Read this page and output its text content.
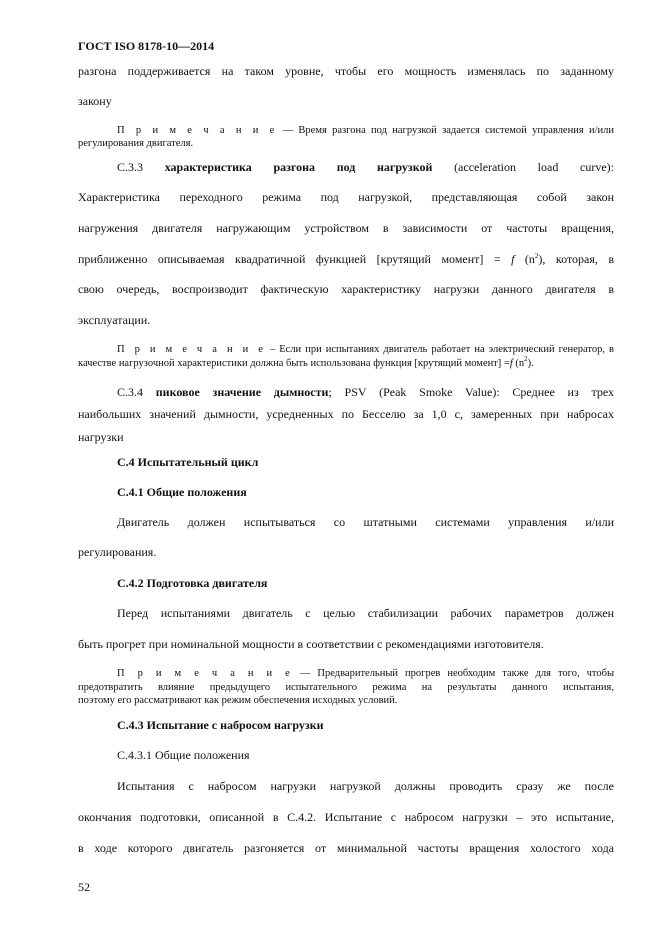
ГОСТ ISO 8178-10—2014
разгона поддерживается на таком уровне, чтобы его мощность изменялась по заданному
закону
П р и м е ч а н и е — Время разгона под нагрузкой задается системой управления и/или
регулирования двигателя.
С.3.3 характеристика разгона под нагрузкой (acceleration load curve):
Характеристика переходного режима под нагрузкой, представляющая собой закон
нагружения двигателя нагружающим устройством в зависимости от частоты вращения,
приближенно описываемая квадратичной функцией [крутящий момент] = f $(n^2)$, которая, в
свою очередь, воспроизводит фактическую характеристику нагрузки данного двигателя в
эксплуатации.
П р и м е ч а н и е – Если при испытаниях двигатель работает на электрический генератор, в
качестве нагрузочной характеристики должна быть использована функция [крутящий момент] =f $(n^2)$.
С.3.4 пиковое значение дымности; PSV (Peak Smoke Value): Среднее из трех
наибольших значений дымности, усредненных по Бесселю за 1,0 с, замеренных при набросах
нагрузки
С.4 Испытательный цикл
С.4.1 Общие положения
Двигатель должен испытываться со штатными системами управления и/или
регулирования.
С.4.2 Подготовка двигателя
Перед испытаниями двигатель с целью стабилизации рабочих параметров должен
быть прогрет при номинальной мощности в соответствии с рекомендациями изготовителя.
П р и м е ч а н и е — Предварительный прогрев необходим также для того, чтобы
предотвратить влияние предыдущего испытательного режима на результаты данного испытания,
поэтому его рассматривают как режим обеспечения исходных условий.
С.4.3 Испытание с набросом нагрузки
С.4.3.1 Общие положения
Испытания с набросом нагрузки нагрузкой должны проводить сразу же после
окончания подготовки, описанной в С.4.2. Испытание с набросом нагрузки – это испытание,
в ходе которого двигатель разгоняется от минимальной частоты вращения холостого хода
52
